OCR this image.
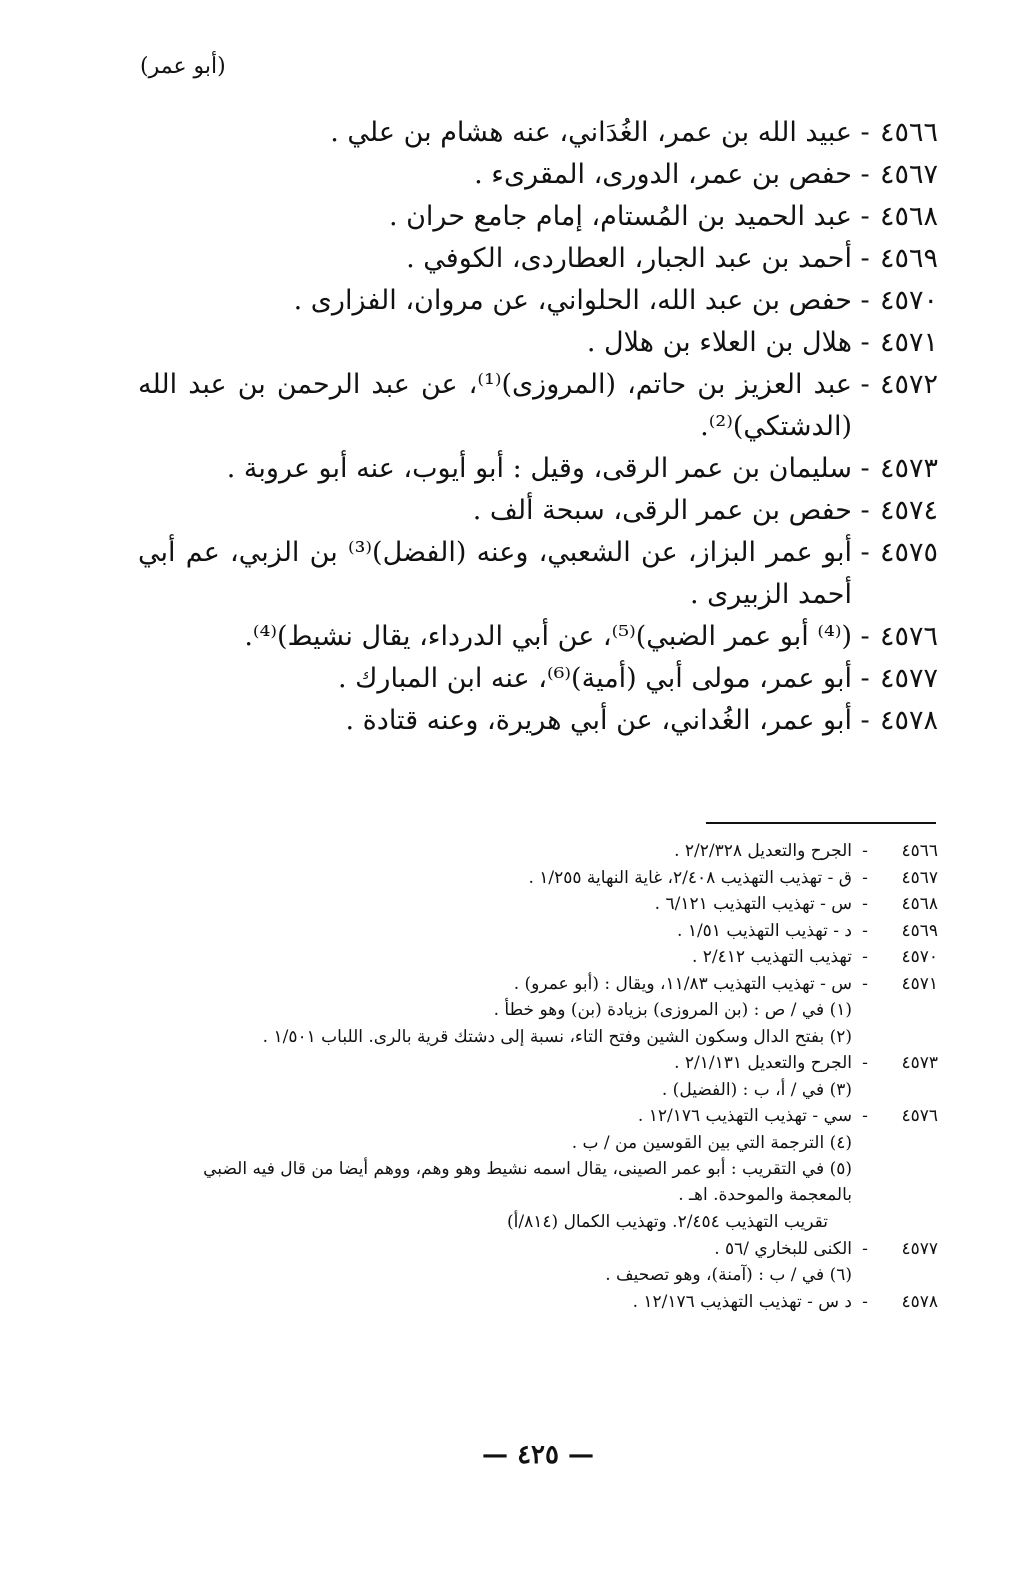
(أبو عمر)
٤٥٦٦
-
عبيد الله بن عمر، الغُدَاني، عنه هشام بن علي .
٤٥٦٧
-
حفص بن عمر، الدورى، المقرىء .
٤٥٦٨
-
عبد الحميد بن المُستام، إمام جامع حران .
٤٥٦٩
-
أحمد بن عبد الجبار، العطاردى، الكوفي .
٤٥٧٠
-
حفص بن عبد الله، الحلواني، عن مروان، الفزارى .
٤٥٧١
-
هلال بن العلاء بن هلال .
٤٥٧٢
-
عبد العزيز بن حاتم، (المروزى)⁽¹⁾، عن عبد الرحمن بن عبد الله (الدشتكي)⁽²⁾.
٤٥٧٣
-
سليمان بن عمر الرقى، وقيل : أبو أيوب، عنه أبو عروبة .
٤٥٧٤
-
حفص بن عمر الرقى، سبحة ألف .
٤٥٧٥
-
أبو عمر البزاز، عن الشعبي، وعنه (الفضل)⁽³⁾ بن الزبي، عم أبي أحمد الزبيرى .
٤٥٧٦
-
(⁽⁴⁾ أبو عمر الضبي)⁽⁵⁾، عن أبي الدرداء، يقال نشيط)⁽⁴⁾.
٤٥٧٧
-
أبو عمر، مولى أبي (أمية)⁽⁶⁾، عنه ابن المبارك .
٤٥٧٨
-
أبو عمر، الغُداني، عن أبي هريرة، وعنه قتادة .
٤٥٦٦
-
الجرح والتعديل ٢/٢/٣٢٨ .
٤٥٦٧
-
ق - تهذيب التهذيب ٢/٤٠٨، غاية النهاية ١/٢٥٥ .
٤٥٦٨
-
س - تهذيب التهذيب ٦/١٢١ .
٤٥٦٩
-
د - تهذيب التهذيب ١/٥١ .
٤٥٧٠
-
تهذيب التهذيب ٢/٤١٢ .
٤٥٧١
-
س - تهذيب التهذيب ١١/٨٣، ويقال : (أبو عمرو) .
(١) في / ص : (بن المروزى) بزيادة (بن) وهو خطأ .
(٢) بفتح الدال وسكون الشين وفتح التاء، نسبة إلى دشتك قرية بالرى. اللباب ١/٥٠١ .
٤٥٧٣
-
الجرح والتعديل ٢/١/١٣١ .
(٣) في / أ، ب : (الفضيل) .
٤٥٧٦
-
سي - تهذيب التهذيب ١٢/١٧٦ .
(٤) الترجمة التي بين القوسين من / ب .
(٥) في التقريب : أبو عمر الصينى، يقال اسمه نشيط وهو وهم، ووهم أيضا من قال فيه الضبي بالمعجمة والموحدة. اهـ .
تقريب التهذيب ٢/٤٥٤. وتهذيب الكمال (٨١٤/أ)
٤٥٧٧
-
الكنى للبخاري /٥٦ .
(٦) في / ب : (آمنة)، وهو تصحيف .
٤٥٧٨
-
د س - تهذيب التهذيب ١٢/١٧٦ .
— ٤٢٥ —
